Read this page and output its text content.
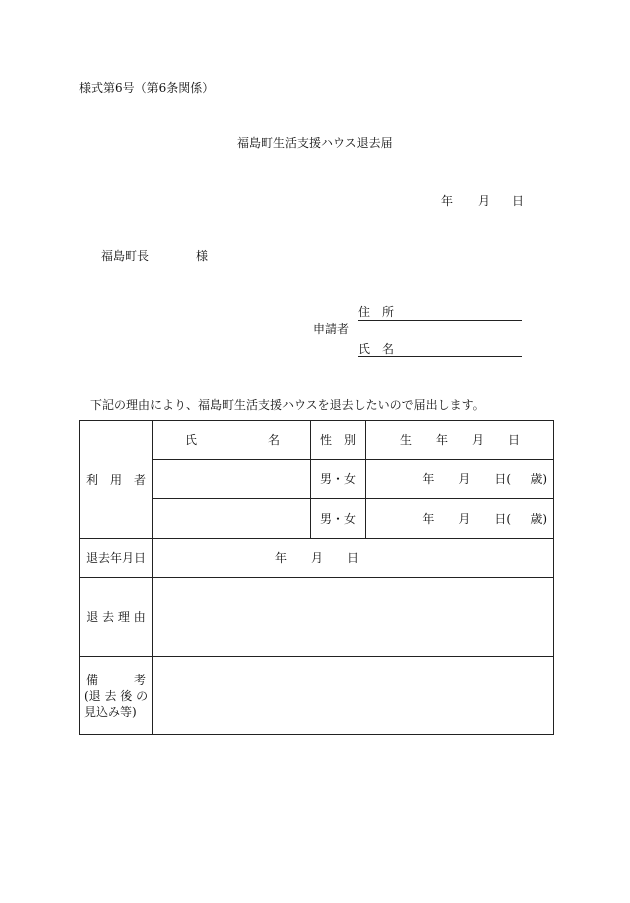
様式第6号（第6条関係）
福島町生活支援ハウス退去届
年 月 日
福島町長	様
申請者
住　所
氏　名
下記の理由により、福島町生活支援ハウスを退去したいので届出します。
利　用　者	氏 名	性　別	生 年 月 日

		男・女	年 月 日( 歳)

		男・女	年 月 日( 歳)

退去年月日	年 月 日		

退 去 理 由			

備 考
(退 去 後 の
見込み等)			
